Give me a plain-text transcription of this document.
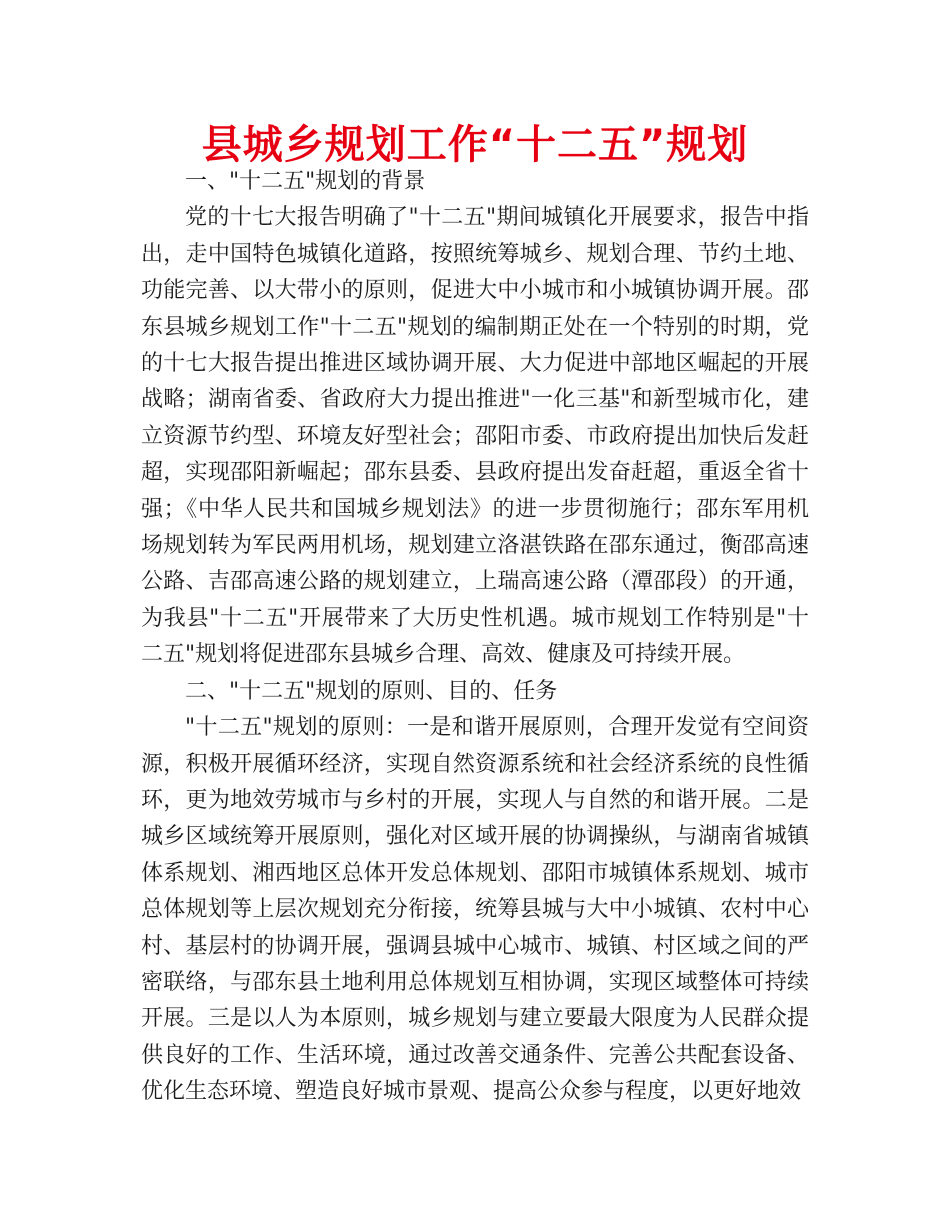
县城乡规划工作“十二五”规划

一、"十二五"规划的背景

党的十七大报告明确了"十二五"期间城镇化开展要求，报告中指出，走中国特色城镇化道路，按照统筹城乡、规划合理、节约土地、功能完善、以大带小的原则，促进大中小城市和小城镇协调开展。邵东县城乡规划工作"十二五"规划的编制期正处在一个特别的时期，党的十七大报告提出推进区域协调开展、大力促进中部地区崛起的开展战略；湖南省委、省政府大力提出推进"一化三基"和新型城市化，建立资源节约型、环境友好型社会；邵阳市委、市政府提出加快后发赶超，实现邵阳新崛起；邵东县委、县政府提出发奋赶超，重返全省十强；《中华人民共和国城乡规划法》的进一步贯彻施行；邵东军用机场规划转为军民两用机场，规划建立洛湛铁路在邵东通过，衡邵高速公路、吉邵高速公路的规划建立，上瑞高速公路（潭邵段）的开通，为我县"十二五"开展带来了大历史性机遇。城市规划工作特别是"十二五"规划将促进邵东县城乡合理、高效、健康及可持续开展。

二、"十二五"规划的原则、目的、任务

"十二五"规划的原则：一是和谐开展原则，合理开发觉有空间资源，积极开展循环经济，实现自然资源系统和社会经济系统的良性循环，更为地效劳城市与乡村的开展，实现人与自然的和谐开展。二是城乡区域统筹开展原则，强化对区域开展的协调操纵，与湖南省城镇体系规划、湘西地区总体开发总体规划、邵阳市城镇体系规划、城市总体规划等上层次规划充分衔接，统筹县城与大中小城镇、农村中心村、基层村的协调开展，强调县城中心城市、城镇、村区域之间的严密联络，与邵东县土地利用总体规划互相协调，实现区域整体可持续开展。三是以人为本原则，城乡规划与建立要最大限度为人民群众提供良好的工作、生活环境，通过改善交通条件、完善公共配套设备、优化生态环境、塑造良好城市景观、提高公众参与程度，以更好地效
